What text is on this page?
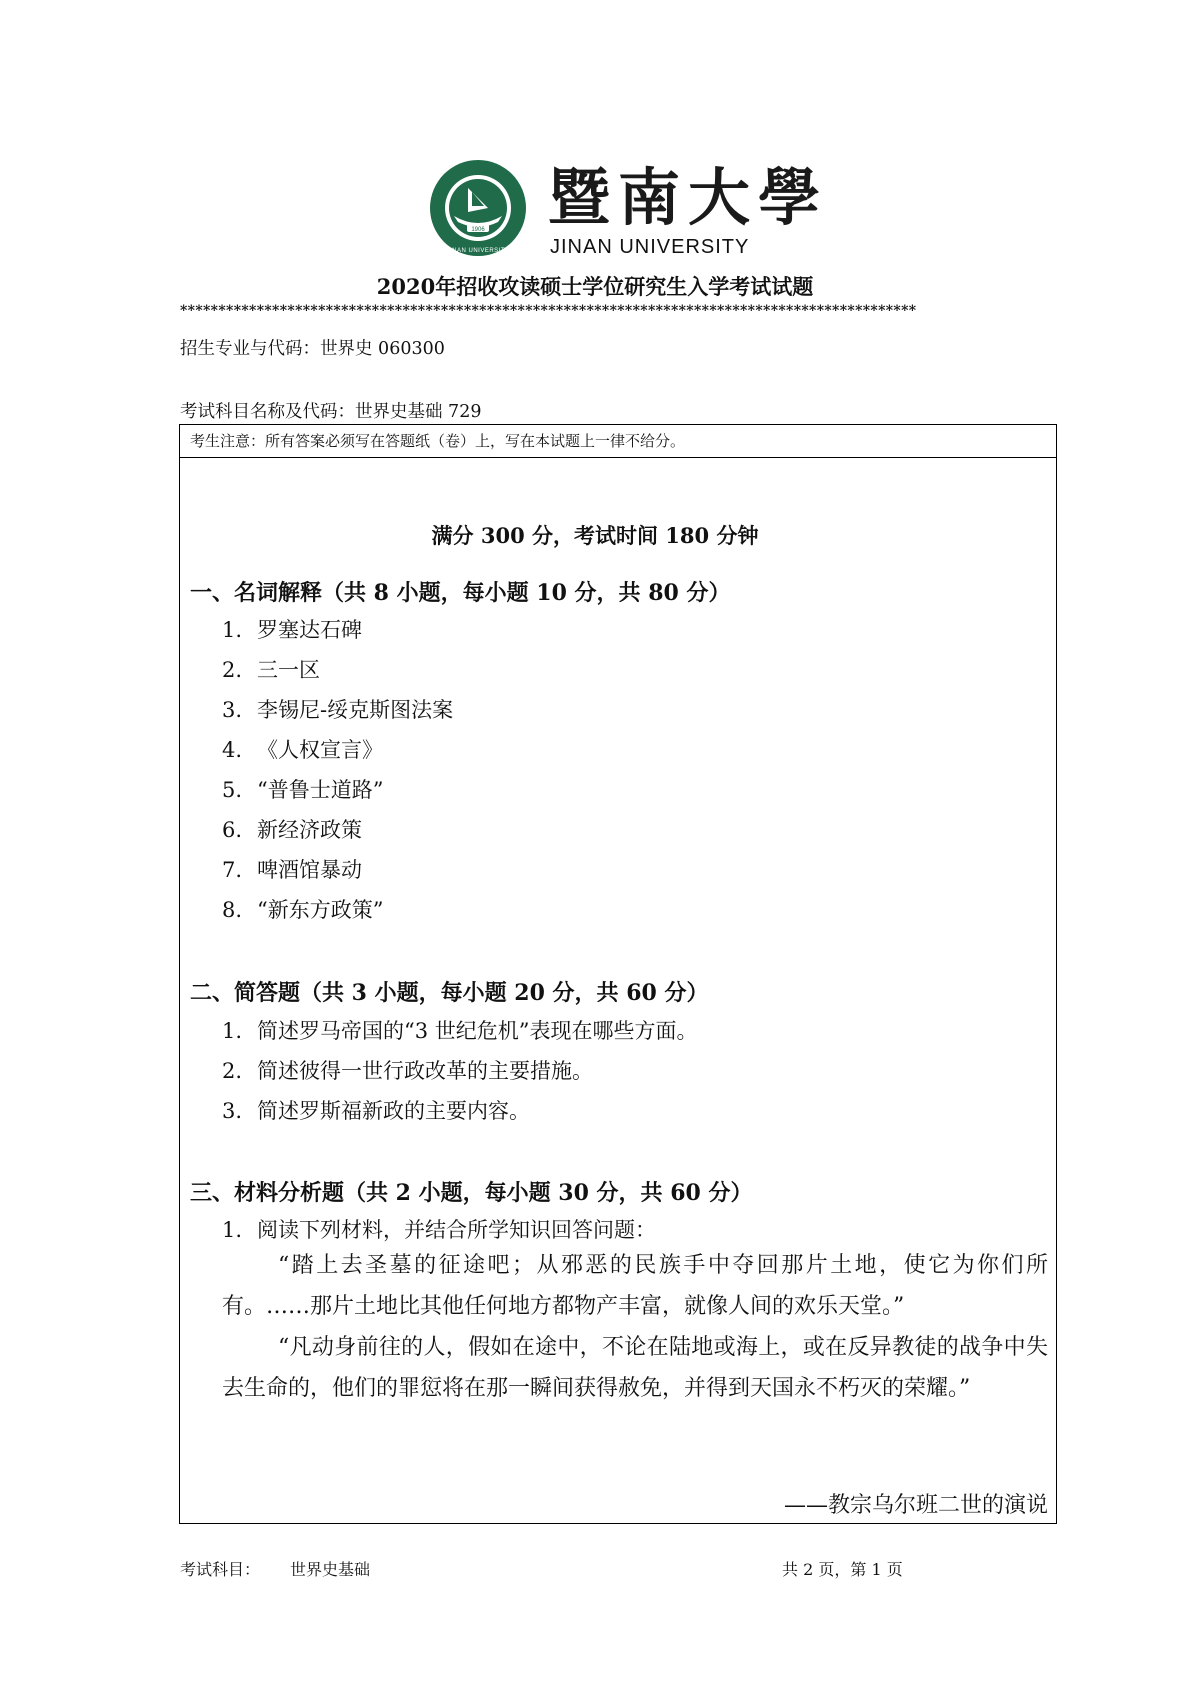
1906
JINAN UNIVERSITY
暨南大學
JINAN UNIVERSITY
2020年招收攻读硕士学位研究生入学考试试题
************************************************************************************************
招生专业与代码：世界史 060300
考试科目名称及代码：世界史基础 729
考生注意：所有答案必须写在答题纸（卷）上，写在本试题上一律不给分。
满分 300 分，考试时间 180 分钟
一、名词解释（共 8 小题，每小题 10 分，共 80 分）
1. 罗塞达石碑
2. 三一区
3. 李锡尼-绥克斯图法案
4. 《人权宣言》
5. “普鲁士道路”
6. 新经济政策
7. 啤酒馆暴动
8. “新东方政策”
二、简答题（共 3 小题，每小题 20 分，共 60 分）
1. 简述罗马帝国的“3 世纪危机”表现在哪些方面。
2. 简述彼得一世行政改革的主要措施。
3. 简述罗斯福新政的主要内容。
三、材料分析题（共 2 小题，每小题 30 分，共 60 分）
1. 阅读下列材料，并结合所学知识回答问题：
“踏上去圣墓的征途吧；从邪恶的民族手中夺回那片土地，使它为你们所有。……那片土地比其他任何地方都物产丰富，就像人间的欢乐天堂。”
“凡动身前往的人，假如在途中，不论在陆地或海上，或在反异教徒的战争中失去生命的，他们的罪愆将在那一瞬间获得赦免，并得到天国永不朽灭的荣耀。”
——教宗乌尔班二世的演说
考试科目： 世界史基础	共 2 页，第 1 页
